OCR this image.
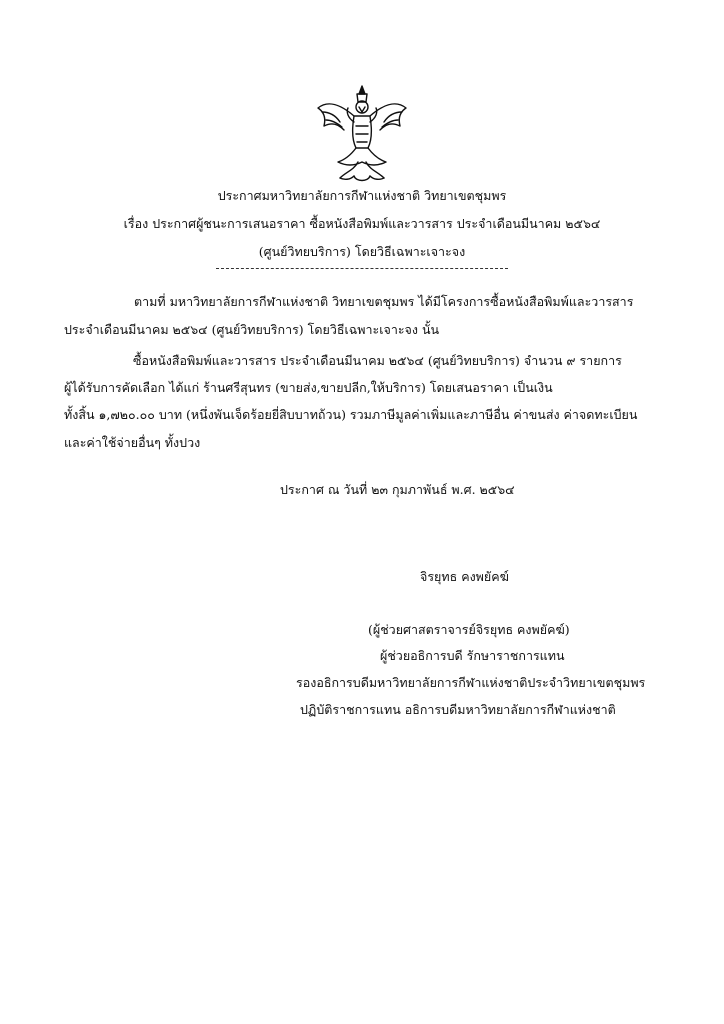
ประกาศมหาวิทยาลัยการกีฬาแห่งชาติ วิทยาเขตชุมพร
เรื่อง ประกาศผู้ชนะการเสนอราคา ซื้อหนังสือพิมพ์และวารสาร ประจำเดือนมีนาคม ๒๕๖๔
(ศูนย์วิทยบริการ) โดยวิธีเฉพาะเจาะจง
ตามที่ มหาวิทยาลัยการกีฬาแห่งชาติ วิทยาเขตชุมพร ได้มีโครงการซื้อหนังสือพิมพ์และวารสาร
ประจำเดือนมีนาคม ๒๕๖๔ (ศูนย์วิทยบริการ) โดยวิธีเฉพาะเจาะจง นั้น
ซื้อหนังสือพิมพ์และวารสาร ประจำเดือนมีนาคม ๒๕๖๔ (ศูนย์วิทยบริการ) จำนวน ๙ รายการ
ผู้ได้รับการคัดเลือก ได้แก่ ร้านศรีสุนทร (ขายส่ง,ขายปลีก,ให้บริการ) โดยเสนอราคา เป็นเงิน
ทั้งสิ้น ๑,๗๒๐.๐๐ บาท (หนึ่งพันเจ็ดร้อยยี่สิบบาทถ้วน) รวมภาษีมูลค่าเพิ่มและภาษีอื่น ค่าขนส่ง ค่าจดทะเบียน
และค่าใช้จ่ายอื่นๆ ทั้งปวง
ประกาศ ณ วันที่ ๒๓ กุมภาพันธ์ พ.ศ. ๒๕๖๔
จิรยุทธ คงพยัคฆ์
(ผู้ช่วยศาสตราจารย์จิรยุทธ คงพยัคฆ์)
ผู้ช่วยอธิการบดี รักษาราชการแทน
รองอธิการบดีมหาวิทยาลัยการกีฬาแห่งชาติประจำวิทยาเขตชุมพร
ปฏิบัติราชการแทน อธิการบดีมหาวิทยาลัยการกีฬาแห่งชาติ
